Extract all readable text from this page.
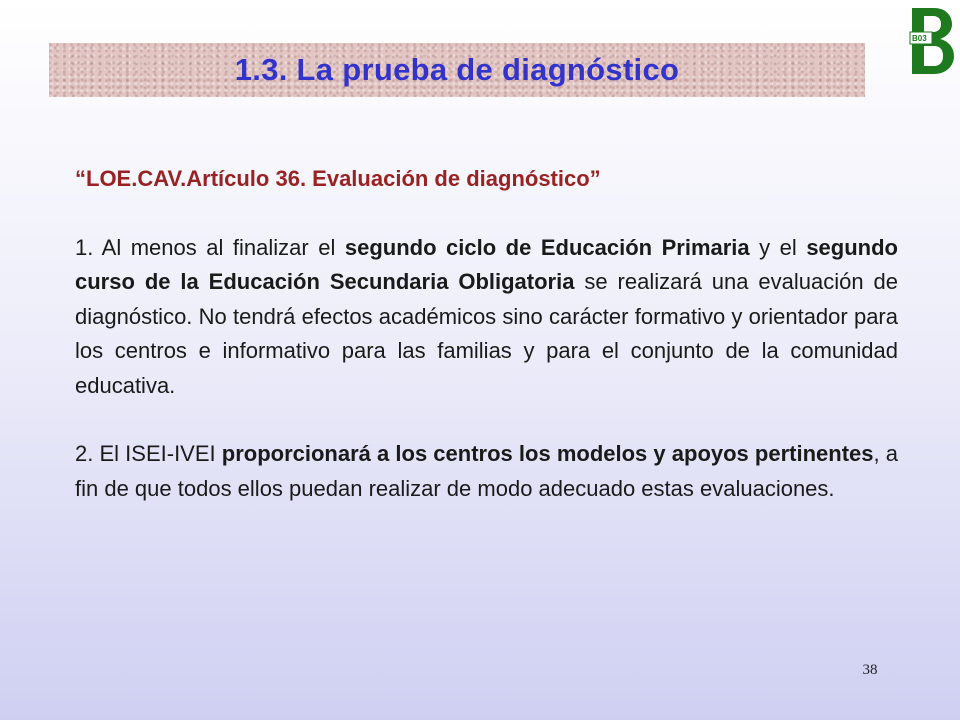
B03
1.3. La prueba de diagnóstico

“LOE.CAV.Artículo 36. Evaluación de diagnóstico”

1. Al menos al finalizar el segundo ciclo de Educación Primaria y el segundo curso de la Educación Secundaria Obligatoria se realizará una evaluación de diagnóstico. No tendrá efectos académicos sino carácter formativo y orientador para los centros e informativo para las familias y para el conjunto de la comunidad educativa.

2. El ISEI-IVEI proporcionará a los centros los modelos y apoyos pertinentes, a fin de que todos ellos puedan realizar de modo adecuado estas evaluaciones.

38
